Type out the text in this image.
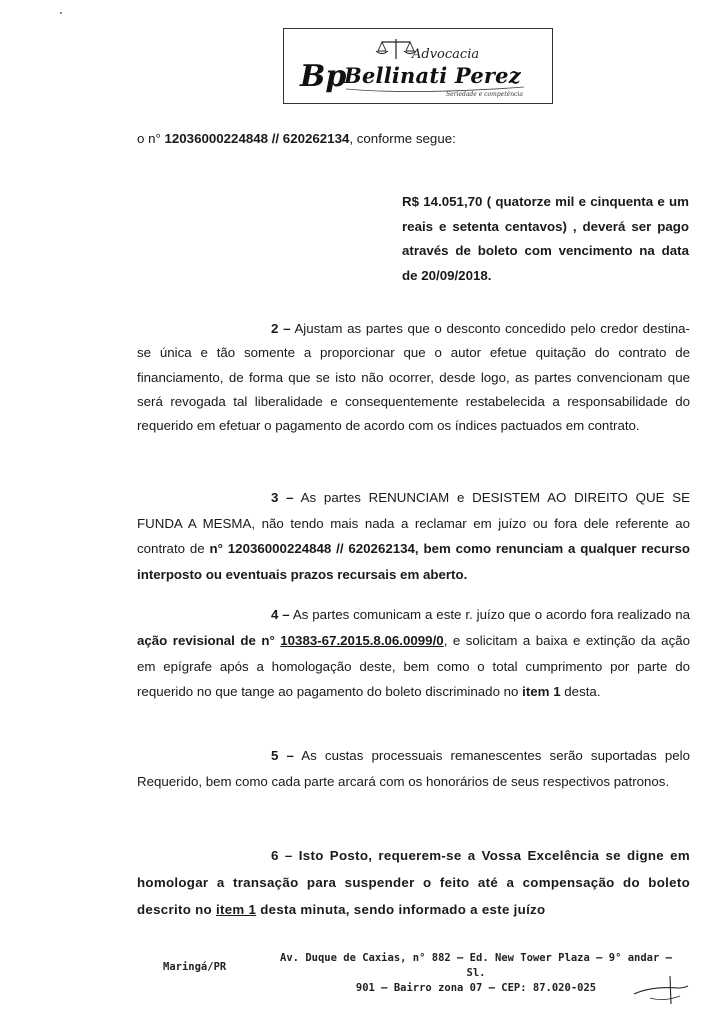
Advocacia
Bp
Bellinati Perez
Seriedade e competência

o n° 12036000224848 // 620262134, conforme segue:

R$ 14.051,70 ( quatorze mil e cinquenta e um reais e setenta centavos) , deverá ser pago através de boleto com vencimento na data de 20/09/2018.

2 – Ajustam as partes que o desconto concedido pelo credor destina-se única e tão somente a proporcionar que o autor efetue quitação do contrato de financiamento, de forma que se isto não ocorrer, desde logo, as partes convencionam que será revogada tal liberalidade e consequentemente restabelecida a responsabilidade do requerido em efetuar o pagamento de acordo com os índices pactuados em contrato.

3 – As partes RENUNCIAM e DESISTEM AO DIREITO QUE SE FUNDA A MESMA, não tendo mais nada a reclamar em juízo ou fora dele referente ao contrato de n° 12036000224848 // 620262134, bem como renunciam a qualquer recurso interposto ou eventuais prazos recursais em aberto.

4 – As partes comunicam a este r. juízo que o acordo fora realizado na ação revisional de n° 10383-67.2015.8.06.0099/0, e solicitam a baixa e extinção da ação em epígrafe após a homologação deste, bem como o total cumprimento por parte do requerido no que tange ao pagamento do boleto discriminado no item 1 desta.

5 – As custas processuais remanescentes serão suportadas pelo Requerido, bem como cada parte arcará com os honorários de seus respectivos patronos.

6 – Isto Posto, requerem-se a Vossa Excelência se digne em homologar a transação para suspender o feito até a compensação do boleto descrito no item 1 desta minuta, sendo informado a este juízo

Maringá/PR
Av. Duque de Caxias, n° 882 – Ed. New Tower Plaza – 9° andar – Sl.
901 – Bairro zona 07 – CEP: 87.020-025
